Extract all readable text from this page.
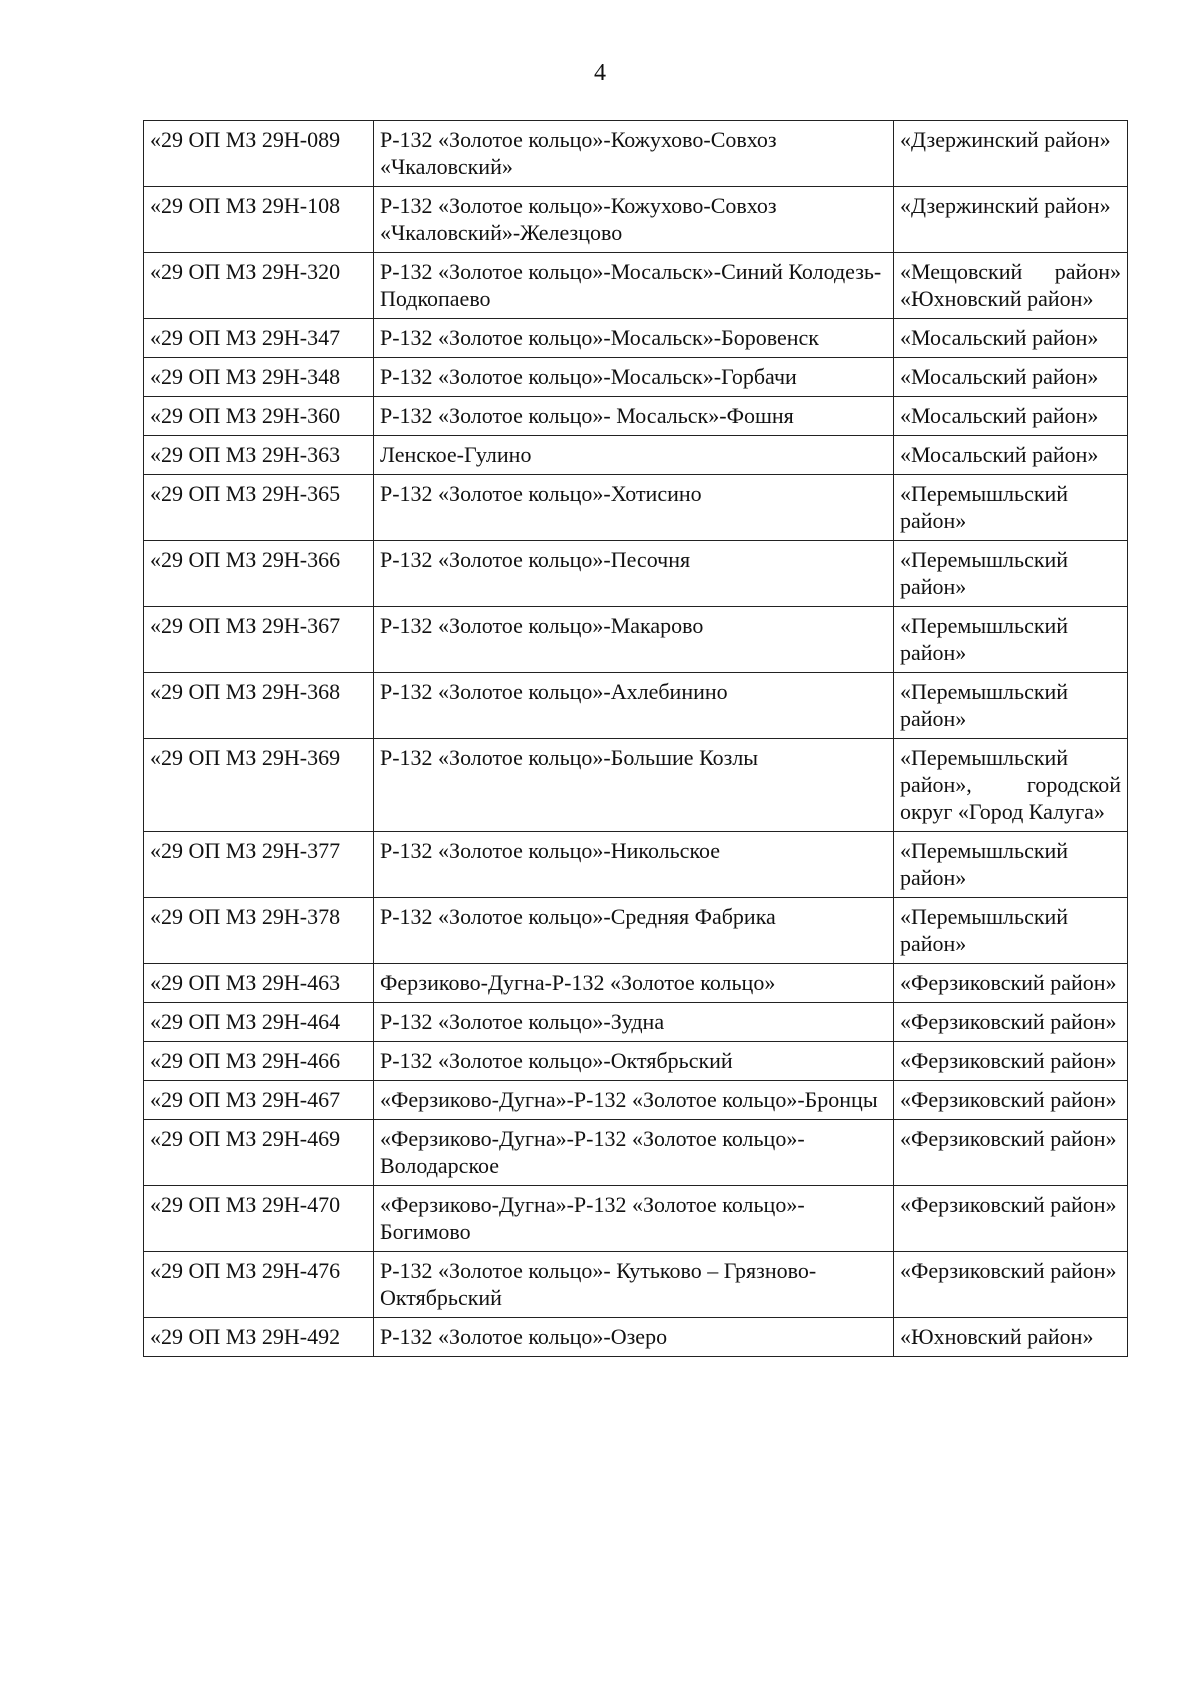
4
«29 ОП МЗ 29Н-089	Р-132 «Золотое кольцо»-Кожухово-Совхоз «Чкаловский»	«Дзержинский район»
«29 ОП МЗ 29Н-108	Р-132 «Золотое кольцо»-Кожухово-Совхоз «Чкаловский»-Железцово	«Дзержинский район»
«29 ОП МЗ 29Н-320	Р-132 «Золотое кольцо»-Мосальск»-Синий Колодезь-Подкопаево	«Мещовский район» «Юхновский район»
«29 ОП МЗ 29Н-347	Р-132 «Золотое кольцо»-Мосальск»-Боровенск	«Мосальский район»
«29 ОП МЗ 29Н-348	Р-132 «Золотое кольцо»-Мосальск»-Горбачи	«Мосальский район»
«29 ОП МЗ 29Н-360	Р-132 «Золотое кольцо»- Мосальск»-Фошня	«Мосальский район»
«29 ОП МЗ 29Н-363	Ленское-Гулино	«Мосальский район»
«29 ОП МЗ 29Н-365	Р-132 «Золотое кольцо»-Хотисино	«Перемышльский район»
«29 ОП МЗ 29Н-366	Р-132 «Золотое кольцо»-Песочня	«Перемышльский район»
«29 ОП МЗ 29Н-367	Р-132 «Золотое кольцо»-Макарово	«Перемышльский район»
«29 ОП МЗ 29Н-368	Р-132 «Золотое кольцо»-Ахлебинино	«Перемышльский район»
«29 ОП МЗ 29Н-369	Р-132 «Золотое кольцо»-Большие Козлы	«Перемышльский район», городской округ «Город Калуга»
«29 ОП МЗ 29Н-377	Р-132 «Золотое кольцо»-Никольское	«Перемышльский район»
«29 ОП МЗ 29Н-378	Р-132 «Золотое кольцо»-Средняя Фабрика	«Перемышльский район»
«29 ОП МЗ 29Н-463	Ферзиково-Дугна-Р-132 «Золотое кольцо»	«Ферзиковский район»
«29 ОП МЗ 29Н-464	Р-132 «Золотое кольцо»-Зудна	«Ферзиковский район»
«29 ОП МЗ 29Н-466	Р-132 «Золотое кольцо»-Октябрьский	«Ферзиковский район»
«29 ОП МЗ 29Н-467	«Ферзиково-Дугна»-Р-132 «Золотое кольцо»-Бронцы	«Ферзиковский район»
«29 ОП МЗ 29Н-469	«Ферзиково-Дугна»-Р-132 «Золотое кольцо»-Володарское	«Ферзиковский район»
«29 ОП МЗ 29Н-470	«Ферзиково-Дугна»-Р-132 «Золотое кольцо»-Богимово	«Ферзиковский район»
«29 ОП МЗ 29Н-476	Р-132 «Золотое кольцо»- Кутьково – Грязново-Октябрьский	«Ферзиковский район»
«29 ОП МЗ 29Н-492	Р-132 «Золотое кольцо»-Озеро	«Юхновский район»
